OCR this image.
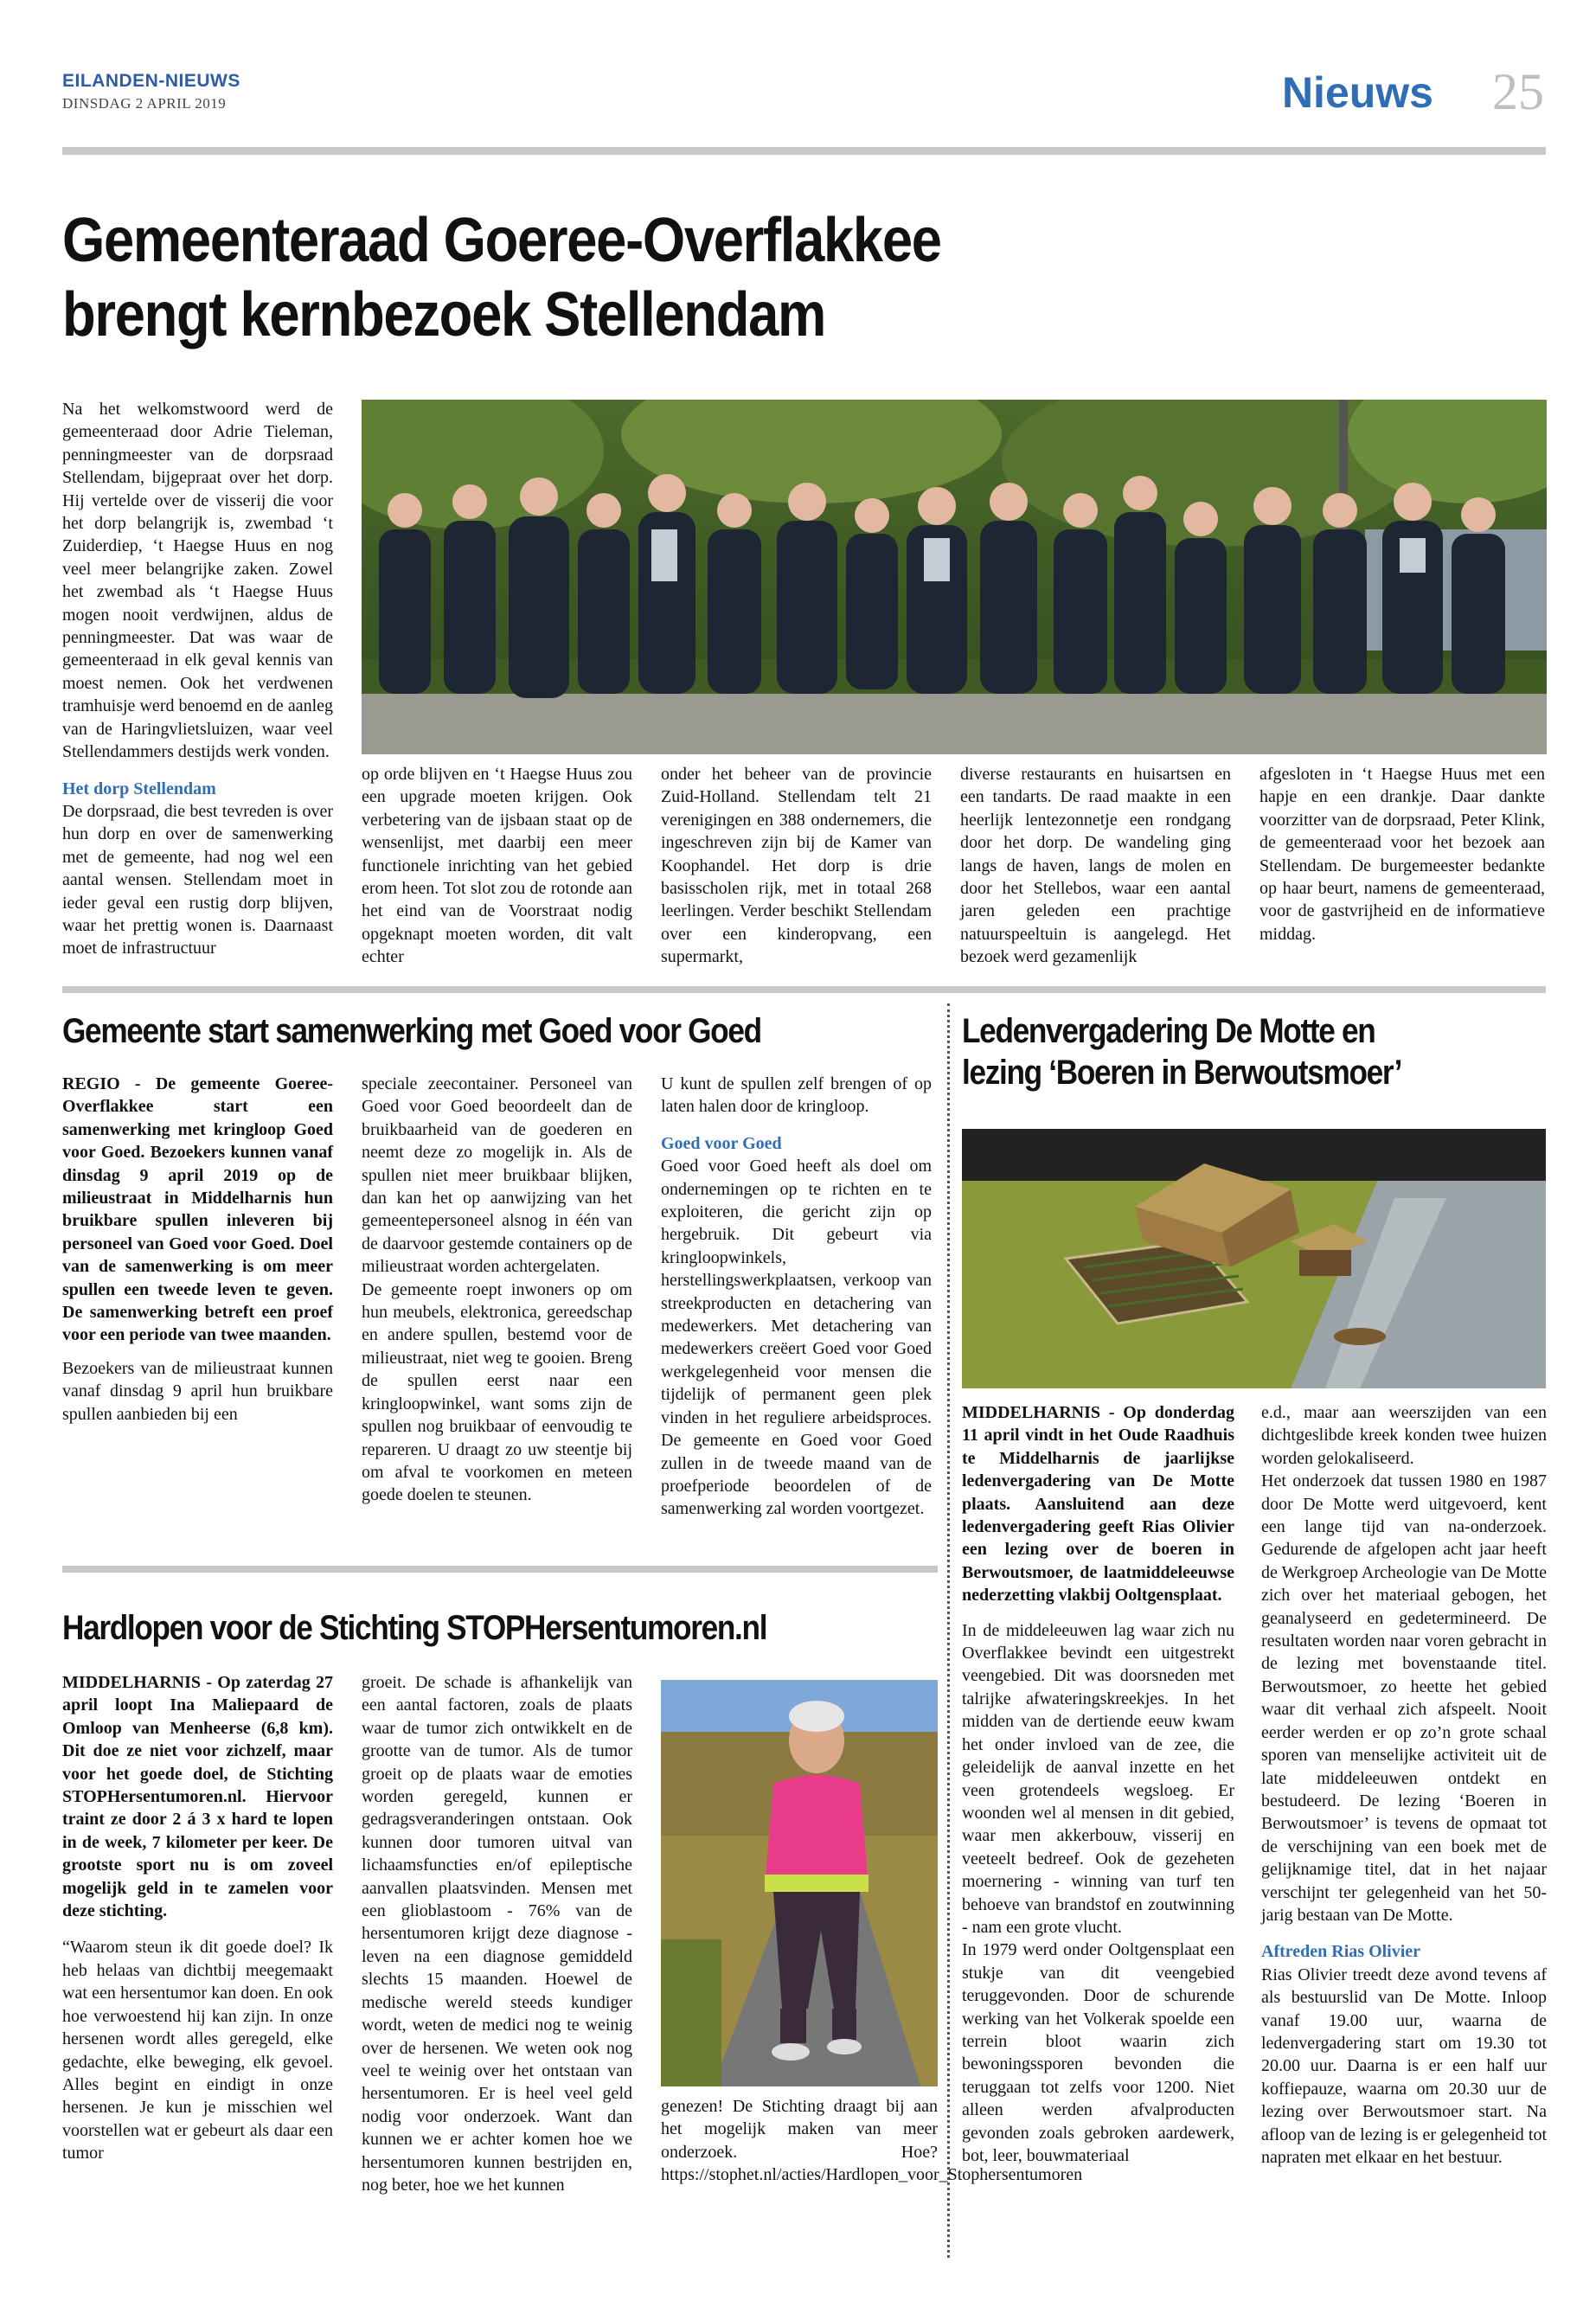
EILANDEN-NIEUWS
DINSDAG 2 APRIL 2019	Nieuws 25
Gemeenteraad Goeree-Overflakkee
brengt kernbezoek Stellendam

Na het welkomstwoord werd de gemeenteraad door Adrie Tieleman, penningmeester van de dorpsraad Stellendam, bijgepraat over het dorp. Hij vertelde over de visserij die voor het dorp belangrijk is, zwembad ‘t Zuiderdiep, ‘t Haegse Huus en nog veel meer belangrijke zaken. Zowel het zwembad als ‘t Haegse Huus mogen nooit verdwijnen, aldus de penningmeester. Dat was waar de gemeenteraad in elk geval kennis van moest nemen. Ook het verdwenen tramhuisje werd benoemd en de aanleg van de Haringvlietsluizen, waar veel Stellendammers destijds werk vonden.

Het dorp Stellendam

De dorpsraad, die best tevreden is over hun dorp en over de samenwerking met de gemeente, had nog wel een aantal wensen. Stellendam moet in ieder geval een rustig dorp blijven, waar het prettig wonen is. Daarnaast moet de infrastructuur

op orde blijven en ‘t Haegse Huus zou een upgrade moeten krijgen. Ook verbetering van de ijsbaan staat op de wensenlijst, met daarbij een meer functionele inrichting van het gebied erom heen. Tot slot zou de rotonde aan het eind van de Voorstraat nodig opgeknapt moeten worden, dit valt echter

onder het beheer van de provincie Zuid-Holland. Stellendam telt 21 verenigingen en 388 ondernemers, die ingeschreven zijn bij de Kamer van Koophandel. Het dorp is drie basisscholen rijk, met in totaal 268 leerlingen. Verder beschikt Stellendam over een kinderopvang, een supermarkt,

diverse restaurants en huisartsen en een tandarts. De raad maakte in een heerlijk lentezonnetje een rondgang door het dorp. De wandeling ging langs de haven, langs de molen en door het Stellebos, waar een aantal jaren geleden een prachtige natuurspeeltuin is aangelegd. Het bezoek werd gezamenlijk

afgesloten in ‘t Haegse Huus met een hapje en een drankje. Daar dankte voorzitter van de dorpsraad, Peter Klink, de gemeenteraad voor het bezoek aan Stellendam. De burgemeester bedankte op haar beurt, namens de gemeenteraad, voor de gastvrijheid en de informatieve middag.

Gemeente start samenwerking met Goed voor Goed

REGIO - De gemeente Goeree-Overflakkee start een samenwerking met kringloop Goed voor Goed. Bezoekers kunnen vanaf dinsdag 9 april 2019 op de milieustraat in Middelharnis hun bruikbare spullen inleveren bij personeel van Goed voor Goed. Doel van de samenwerking is om meer spullen een tweede leven te geven. De samenwerking betreft een proef voor een periode van twee maanden.

Bezoekers van de milieustraat kunnen vanaf dinsdag 9 april hun bruikbare spullen aanbieden bij een

speciale zeecontainer. Personeel van Goed voor Goed beoordeelt dan de bruikbaarheid van de goederen en neemt deze zo mogelijk in. Als de spullen niet meer bruikbaar blijken, dan kan het op aanwijzing van het gemeentepersoneel alsnog in één van de daarvoor gestemde containers op de milieustraat worden achtergelaten.

De gemeente roept inwoners op om hun meubels, elektronica, gereedschap en andere spullen, bestemd voor de milieustraat, niet weg te gooien. Breng de spullen eerst naar een kringloopwinkel, want soms zijn de spullen nog bruikbaar of eenvoudig te repareren. U draagt zo uw steentje bij om afval te voorkomen en meteen goede doelen te steunen.

U kunt de spullen zelf brengen of op laten halen door de kringloop.

Goed voor Goed

Goed voor Goed heeft als doel om ondernemingen op te richten en te exploiteren, die gericht zijn op hergebruik. Dit gebeurt via kringloopwinkels, herstellingswerkplaatsen, verkoop van streekproducten en detachering van medewerkers. Met detachering van medewerkers creëert Goed voor Goed werkgelegenheid voor mensen die tijdelijk of permanent geen plek vinden in het reguliere arbeidsproces. De gemeente en Goed voor Goed zullen in de tweede maand van de proefperiode beoordelen of de samenwerking zal worden voortgezet.

Ledenvergadering De Motte en
lezing ‘Boeren in Berwoutsmoer’

MIDDELHARNIS - Op donderdag 11 april vindt in het Oude Raadhuis te Middelharnis de jaarlijkse ledenvergadering van De Motte plaats. Aansluitend aan deze ledenvergadering geeft Rias Olivier een lezing over de boeren in Berwoutsmoer, de laatmiddeleeuwse nederzetting vlakbij Ooltgensplaat.

In de middeleeuwen lag waar zich nu Overflakkee bevindt een uitgestrekt veengebied. Dit was doorsneden met talrijke afwateringskreekjes. In het midden van de dertiende eeuw kwam het onder invloed van de zee, die geleidelijk de aanval inzette en het veen grotendeels wegsloeg. Er woonden wel al mensen in dit gebied, waar men akkerbouw, visserij en veeteelt bedreef. Ook de gezeheten moernering - winning van turf ten behoeve van brandstof en zoutwinning - nam een grote vlucht.

In 1979 werd onder Ooltgensplaat een stukje van dit veengebied teruggevonden. Door de schurende werking van het Volkerak spoelde een terrein bloot waarin zich bewoningssporen bevonden die teruggaan tot zelfs voor 1200. Niet alleen werden afvalproducten gevonden zoals gebroken aardewerk, bot, leer, bouwmateriaal

e.d., maar aan weerszijden van een dichtgeslibde kreek konden twee huizen worden gelokaliseerd.

Het onderzoek dat tussen 1980 en 1987 door De Motte werd uitgevoerd, kent een lange tijd van na-onderzoek. Gedurende de afgelopen acht jaar heeft de Werkgroep Archeologie van De Motte zich over het materiaal gebogen, het geanalyseerd en gedetermineerd. De resultaten worden naar voren gebracht in de lezing met bovenstaande titel. Berwoutsmoer, zo heette het gebied waar dit verhaal zich afspeelt. Nooit eerder werden er op zo’n grote schaal sporen van menselijke activiteit uit de late middeleeuwen ontdekt en bestudeerd. De lezing ‘Boeren in Berwoutsmoer’ is tevens de opmaat tot de verschijning van een boek met de gelijknamige titel, dat in het najaar verschijnt ter gelegenheid van het 50-jarig bestaan van De Motte.

Aftreden Rias Olivier

Rias Olivier treedt deze avond tevens af als bestuurslid van De Motte. Inloop vanaf 19.00 uur, waarna de ledenvergadering start om 19.30 tot 20.00 uur. Daarna is er een half uur koffiepauze, waarna om 20.30 uur de lezing over Berwoutsmoer start. Na afloop van de lezing is er gelegenheid tot napraten met elkaar en het bestuur.

Hardlopen voor de Stichting STOPHersentumoren.nl

MIDDELHARNIS - Op zaterdag 27 april loopt Ina Maliepaard de Omloop van Menheerse (6,8 km). Dit doe ze niet voor zichzelf, maar voor het goede doel, de Stichting STOPHersentumoren.nl. Hiervoor traint ze door 2 á 3 x hard te lopen in de week, 7 kilometer per keer. De grootste sport nu is om zoveel mogelijk geld in te zamelen voor deze stichting.

“Waarom steun ik dit goede doel? Ik heb helaas van dichtbij meegemaakt wat een hersentumor kan doen. En ook hoe verwoestend hij kan zijn. In onze hersenen wordt alles geregeld, elke gedachte, elke beweging, elk gevoel. Alles begint en eindigt in onze hersenen. Je kun je misschien wel voorstellen wat er gebeurt als daar een tumor

groeit. De schade is afhankelijk van een aantal factoren, zoals de plaats waar de tumor zich ontwikkelt en de grootte van de tumor. Als de tumor groeit op de plaats waar de emoties worden geregeld, kunnen er gedragsveranderingen ontstaan. Ook kunnen door tumoren uitval van lichaamsfuncties en/of epileptische aanvallen plaatsvinden. Mensen met een glioblastoom - 76% van de hersentumoren krijgt deze diagnose - leven na een diagnose gemiddeld slechts 15 maanden. Hoewel de medische wereld steeds kundiger wordt, weten de medici nog te weinig over de hersenen. We weten ook nog veel te weinig over het ontstaan van hersentumoren. Er is heel veel geld nodig voor onderzoek. Want dan kunnen we er achter komen hoe we hersentumoren kunnen bestrijden en, nog beter, hoe we het kunnen

genezen! De Stichting draagt bij aan het mogelijk maken van meer onderzoek. Hoe? https://stophet.nl/acties/Hardlopen_voor_Stophersentumoren
